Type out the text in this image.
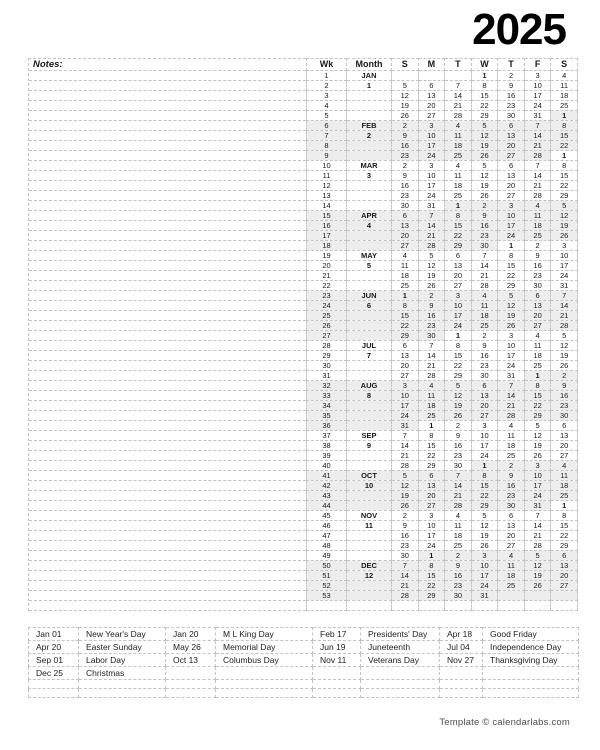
2025
Notes:	Wk	Month	S	M	T	W	T	F	S
1	JAN				1	2	3	4
2	1	5	6	7	8	9	10	11
3		12	13	14	15	16	17	18
4		19	20	21	22	23	24	25
5		26	27	28	29	30	31	1
6	FEB	2	3	4	5	6	7	8
7	2	9	10	11	12	13	14	15
8		16	17	18	19	20	21	22
9		23	24	25	26	27	28	1
10	MAR	2	3	4	5	6	7	8
11	3	9	10	11	12	13	14	15
12		16	17	18	19	20	21	22
13		23	24	25	26	27	28	29
14		30	31	1	2	3	4	5
15	APR	6	7	8	9	10	11	12
16	4	13	14	15	16	17	18	19
17		20	21	22	23	24	25	26
18		27	28	29	30	1	2	3
19	MAY	4	5	6	7	8	9	10
20	5	11	12	13	14	15	16	17
21		18	19	20	21	22	23	24
22		25	26	27	28	29	30	31
23	JUN	1	2	3	4	5	6	7
24	6	8	9	10	11	12	13	14
25		15	16	17	18	19	20	21
26		22	23	24	25	26	27	28
27		29	30	1	2	3	4	5
28	JUL	6	7	8	9	10	11	12
29	7	13	14	15	16	17	18	19
30		20	21	22	23	24	25	26
31		27	28	29	30	31	1	2
32	AUG	3	4	5	6	7	8	9
33	8	10	11	12	13	14	15	16
34		17	18	19	20	21	22	23
35		24	25	26	27	28	29	30
36		31	1	2	3	4	5	6
37	SEP	7	8	9	10	11	12	13
38	9	14	15	16	17	18	19	20
39		21	22	23	24	25	26	27
40		28	29	30	1	2	3	4
41	OCT	5	6	7	8	9	10	11
42	10	12	13	14	15	16	17	18
43		19	20	21	22	23	24	25
44		26	27	28	29	30	31	1
45	NOV	2	3	4	5	6	7	8
46	11	9	10	11	12	13	14	15
47		16	17	18	19	20	21	22
48		23	24	25	26	27	28	29
49		30	1	2	3	4	5	6
50	DEC	7	8	9	10	11	12	13
51	12	14	15	16	17	18	19	20
52		21	22	23	24	25	26	27
53		28	29	30	31			

Jan 01	New Year's Day	Jan 20	M L King Day	Feb 17	Presidents' Day	Apr 18	Good Friday
Apr 20	Easter Sunday	May 26	Memorial Day	Jun 19	Juneteenth	Jul 04	Independence Day
Sep 01	Labor Day	Oct 13	Columbus Day	Nov 11	Veterans Day	Nov 27	Thanksgiving Day
Dec 25	Christmas						

Template © calendarlabs.com
